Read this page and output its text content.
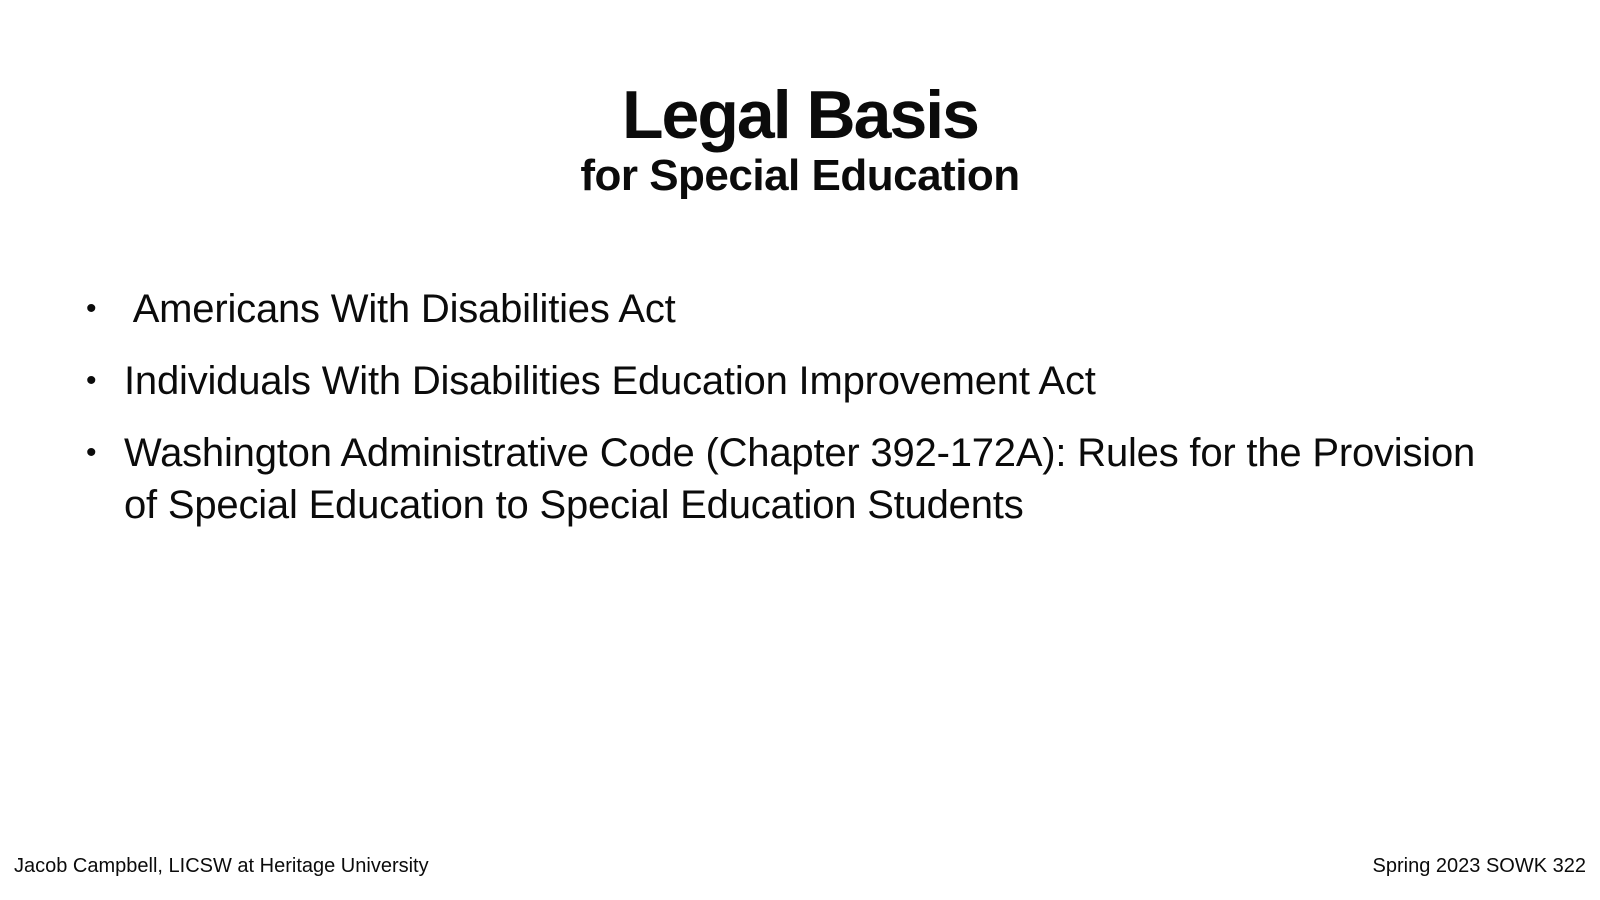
Legal Basis
for Special Education
• Americans With Disabilities Act
• Individuals With Disabilities Education Improvement Act
• Washington Administrative Code (Chapter 392-172A): Rules for the Provision of Special Education to Special Education Students
Jacob Campbell, LICSW at Heritage University	Spring 2023 SOWK 322
